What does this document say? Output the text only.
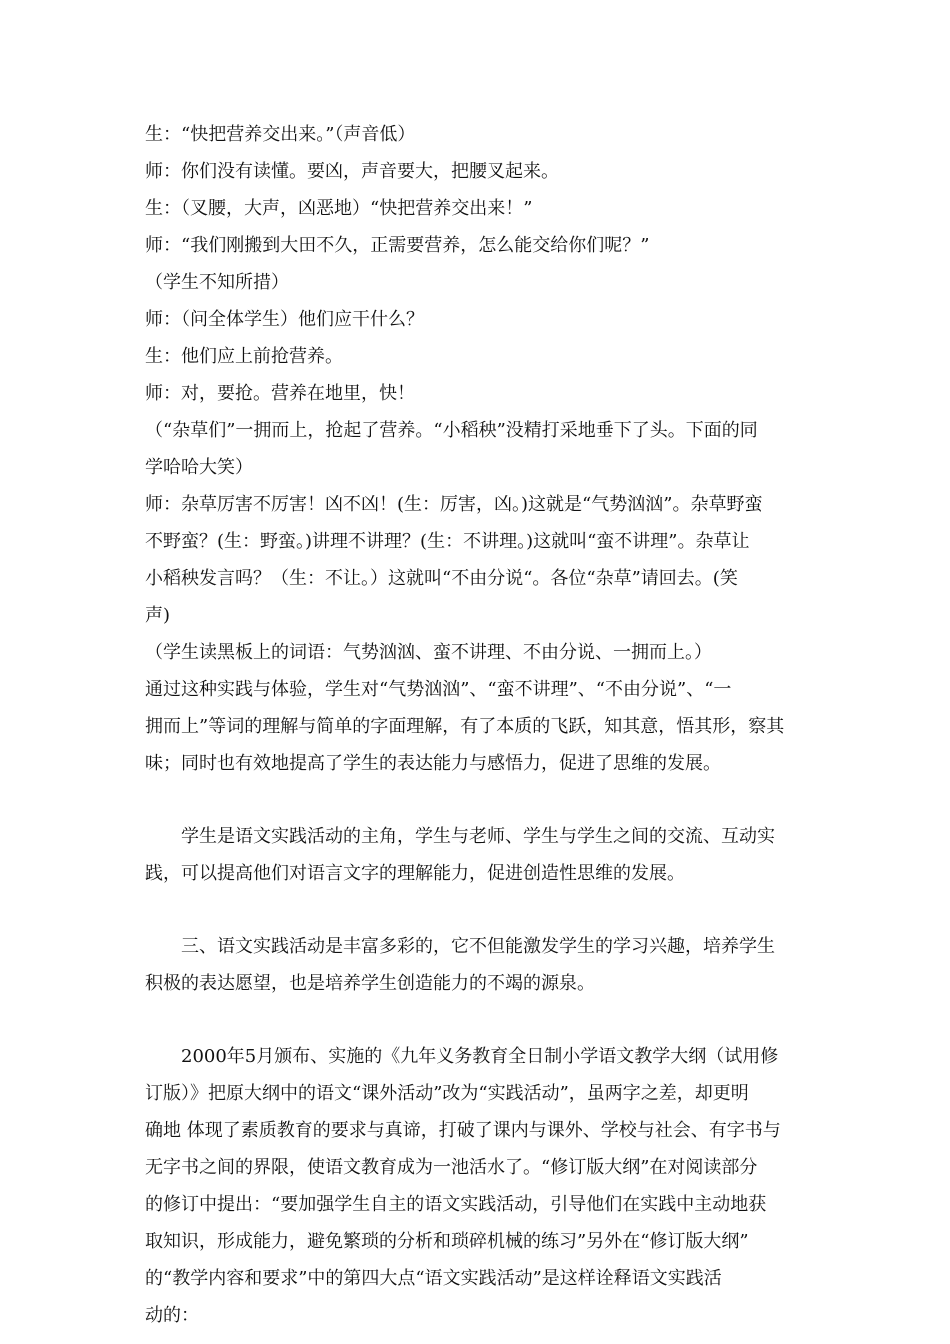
生：“快把营养交出来。”（声音低）
师：你们没有读懂。要凶，声音要大，把腰叉起来。
生：（叉腰，大声，凶恶地）“快把营养交出来！”
师：“我们刚搬到大田不久，正需要营养，怎么能交给你们呢？”
（学生不知所措）
师：（问全体学生）他们应干什么？
生：他们应上前抢营养。
师：对，要抢。营养在地里，快！
（“杂草们”一拥而上，抢起了营养。“小稻秧”没精打采地垂下了头。下面的同
学哈哈大笑）
师：杂草厉害不厉害！凶不凶！(生：厉害，凶。)这就是“气势汹汹”。杂草野蛮
不野蛮？(生：野蛮。)讲理不讲理？(生：不讲理。)这就叫“蛮不讲理”。杂草让
小稻秧发言吗？（生：不让。）这就叫“不由分说“。各位“杂草”请回去。(笑
声)
（学生读黑板上的词语：气势汹汹、蛮不讲理、不由分说、一拥而上。）
通过这种实践与体验，学生对“气势汹汹”、“蛮不讲理”、“不由分说”、“一
拥而上”等词的理解与简单的字面理解，有了本质的飞跃，知其意，悟其形，察其
味；同时也有效地提高了学生的表达能力与感悟力，促进了思维的发展。
　　学生是语文实践活动的主角，学生与老师、学生与学生之间的交流、互动实
践，可以提高他们对语言文字的理解能力，促进创造性思维的发展。
　　三、语文实践活动是丰富多彩的，它不但能激发学生的学习兴趣，培养学生
积极的表达愿望，也是培养学生创造能力的不竭的源泉。
　　2000年5月颁布、实施的《九年义务教育全日制小学语文教学大纲（试用修
订版）》把原大纲中的语文“课外活动”改为“实践活动”，虽两字之差，却更明
确地 体现了素质教育的要求与真谛，打破了课内与课外、学校与社会、有字书与
无字书之间的界限，使语文教育成为一池活水了。“修订版大纲”在对阅读部分
的修订中提出：“要加强学生自主的语文实践活动，引导他们在实践中主动地获
取知识，形成能力，避免繁琐的分析和琐碎机械的练习”另外在“修订版大纲”
的“教学内容和要求”中的第四大点“语文实践活动”是这样诠释语文实践活
动的：
